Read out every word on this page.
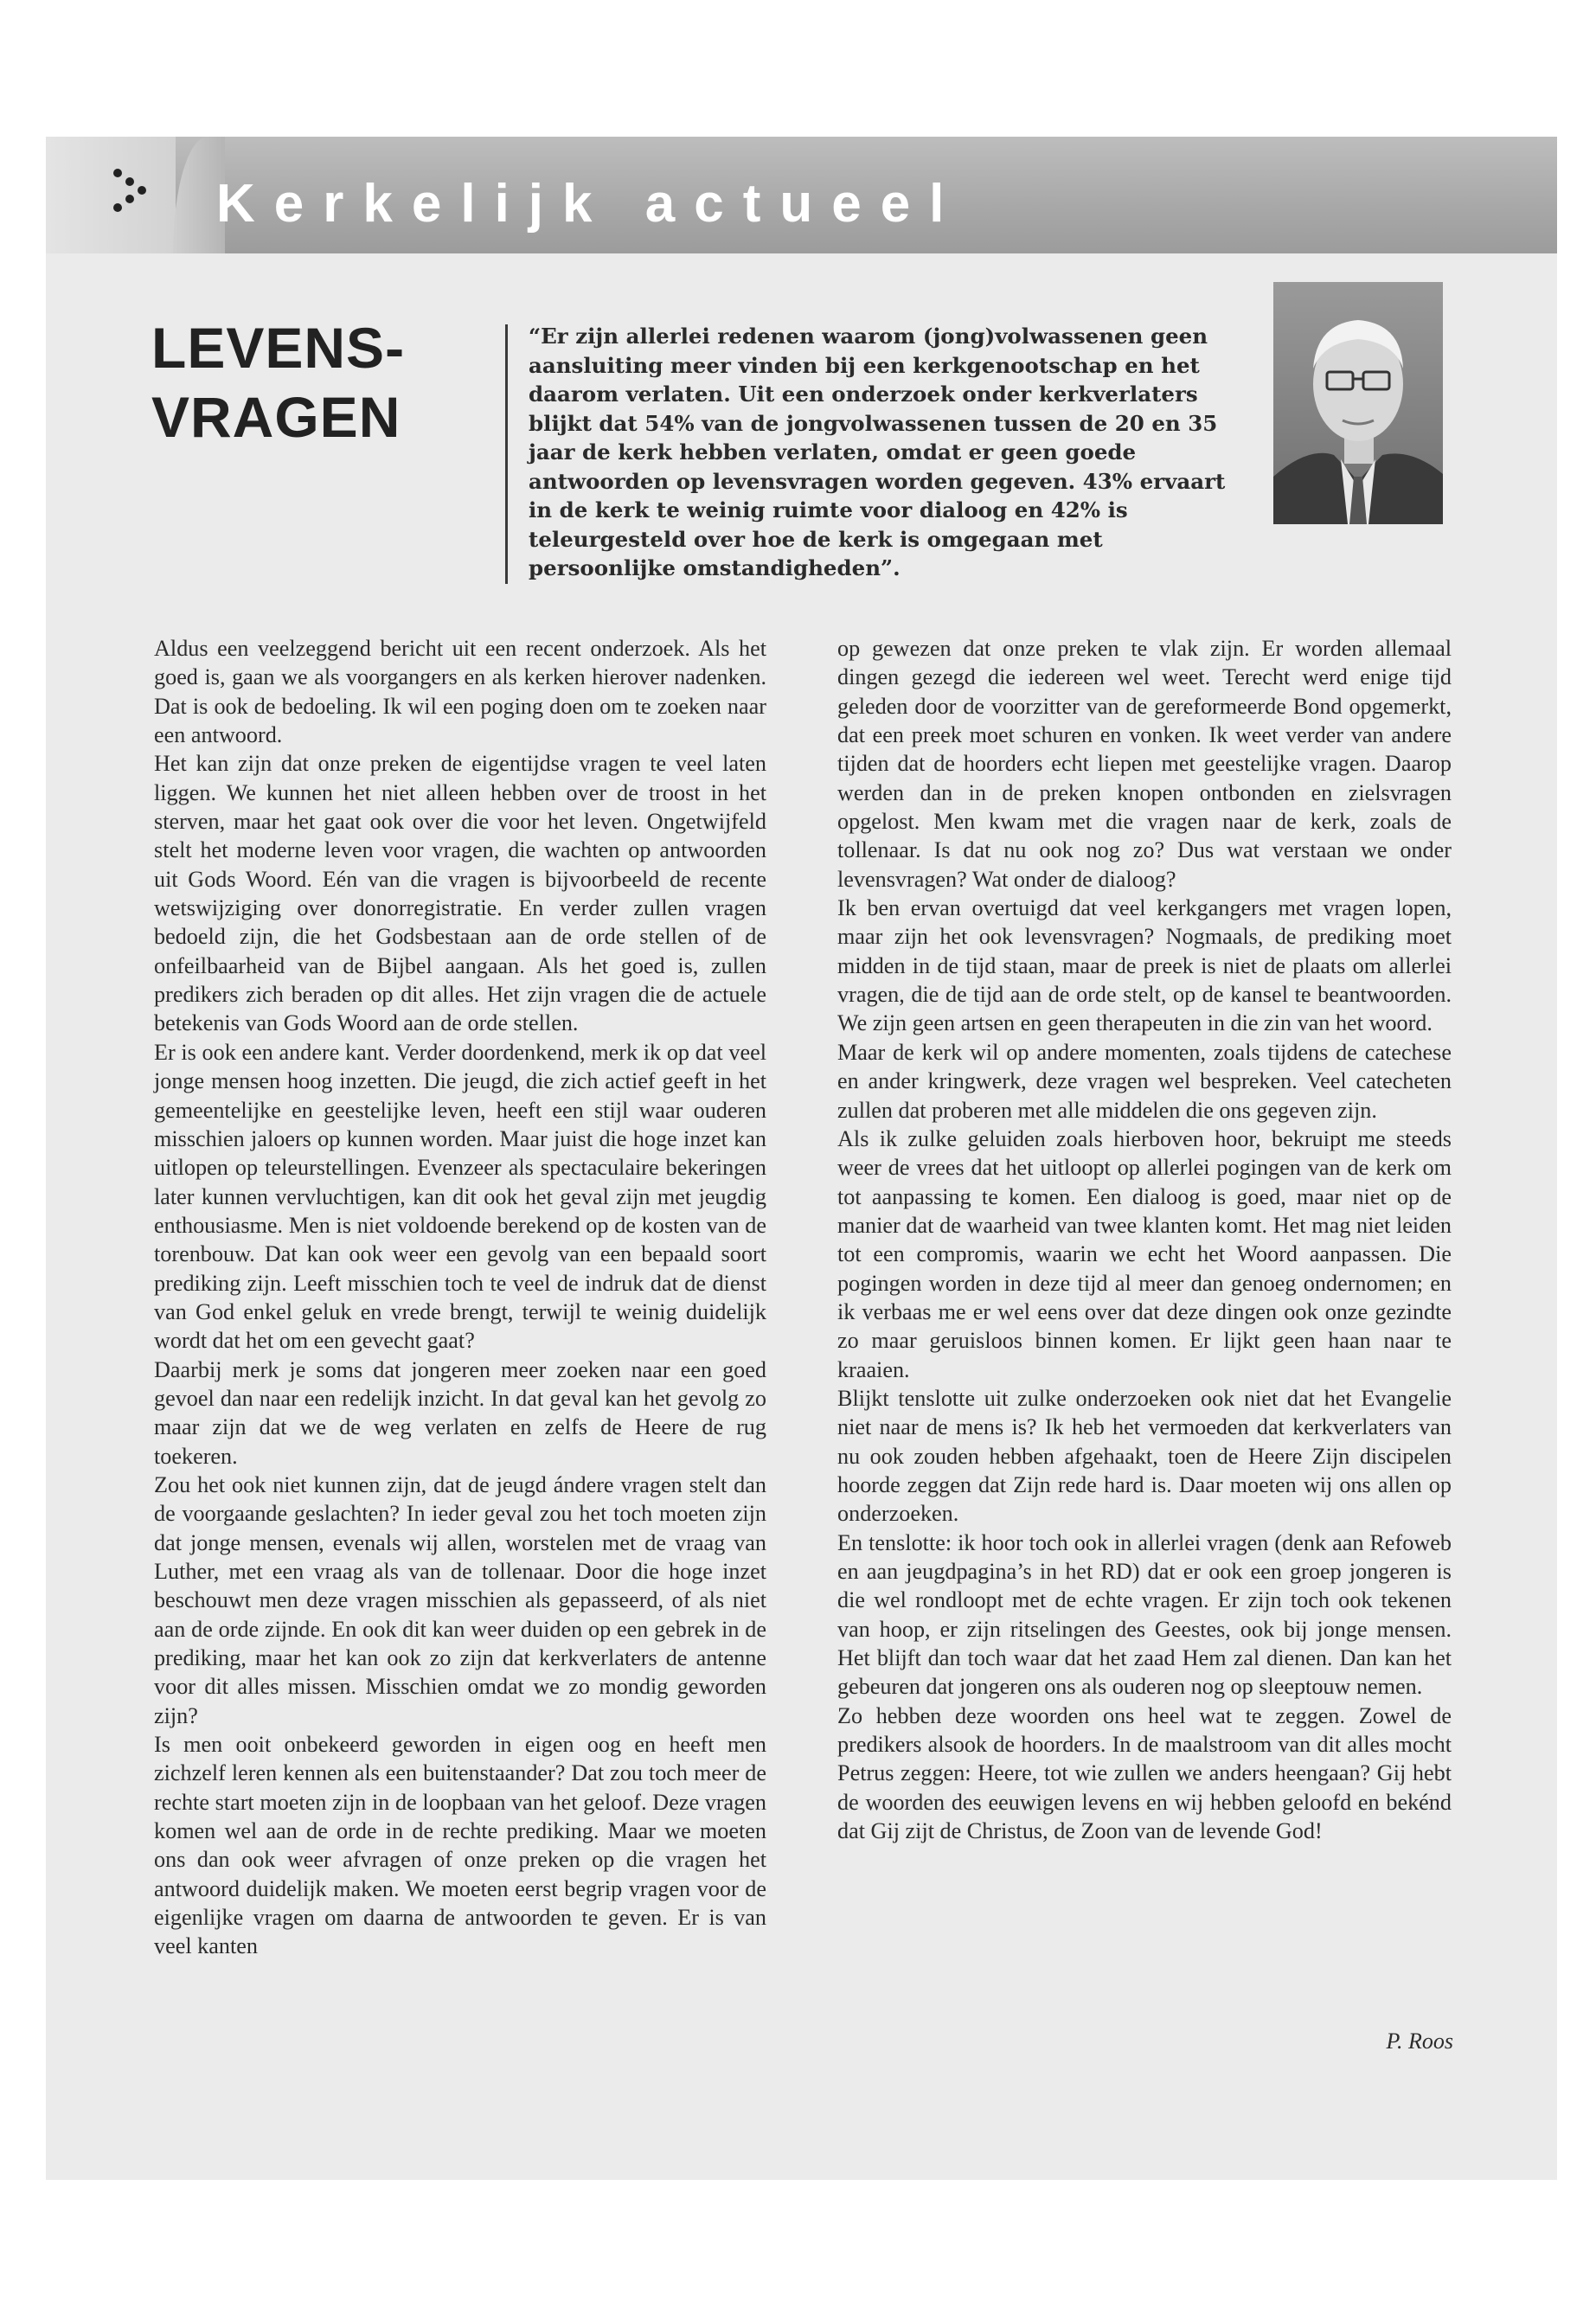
Kerkelijk actueel
LEVENS-
VRAGEN

“Er zijn allerlei redenen waarom (jong)volwassenen geen aansluiting meer vinden bij een kerkgenootschap en het daarom verlaten. Uit een onderzoek onder kerkverlaters blijkt dat 54% van de jongvolwassenen tussen de 20 en 35 jaar de kerk hebben verlaten, omdat er geen goede antwoorden op levensvragen worden gegeven. 43% ervaart in de kerk te weinig ruimte voor dialoog en 42% is teleurgesteld over hoe de kerk is omgegaan met persoonlijke omstandigheden”.

Aldus een veelzeggend bericht uit een recent onderzoek. Als het goed is, gaan we als voorgangers en als kerken hierover nadenken. Dat is ook de bedoeling. Ik wil een poging doen om te zoeken naar een antwoord.

Het kan zijn dat onze preken de eigentijdse vragen te veel laten liggen. We kunnen het niet alleen hebben over de troost in het sterven, maar het gaat ook over die voor het leven. Ongetwijfeld stelt het moderne leven voor vragen, die wachten op antwoorden uit Gods Woord. Eén van die vragen is bijvoorbeeld de recente wetswijziging over donorregistratie. En verder zullen vragen bedoeld zijn, die het Godsbestaan aan de orde stellen of de onfeilbaarheid van de Bijbel aangaan. Als het goed is, zullen predikers zich beraden op dit alles. Het zijn vragen die de actuele betekenis van Gods Woord aan de orde stellen.

Er is ook een andere kant. Verder doordenkend, merk ik op dat veel jonge mensen hoog inzetten. Die jeugd, die zich actief geeft in het gemeentelijke en geestelijke leven, heeft een stijl waar ouderen misschien jaloers op kunnen worden. Maar juist die hoge inzet kan uitlopen op teleurstellingen. Evenzeer als spectaculaire bekeringen later kunnen vervluchtigen, kan dit ook het geval zijn met jeugdig enthousiasme. Men is niet voldoende berekend op de kosten van de torenbouw. Dat kan ook weer een gevolg van een bepaald soort prediking zijn. Leeft misschien toch te veel de indruk dat de dienst van God enkel geluk en vrede brengt, terwijl te weinig duidelijk wordt dat het om een gevecht gaat?

Daarbij merk je soms dat jongeren meer zoeken naar een goed gevoel dan naar een redelijk inzicht. In dat geval kan het gevolg zo maar zijn dat we de weg verlaten en zelfs de Heere de rug toekeren.

Zou het ook niet kunnen zijn, dat de jeugd ándere vragen stelt dan de voorgaande geslachten? In ieder geval zou het toch moeten zijn dat jonge mensen, evenals wij allen, worstelen met de vraag van Luther, met een vraag als van de tollenaar. Door die hoge inzet beschouwt men deze vragen misschien als gepasseerd, of als niet aan de orde zijnde. En ook dit kan weer duiden op een gebrek in de prediking, maar het kan ook zo zijn dat kerkverlaters de antenne voor dit alles missen. Misschien omdat we zo mondig geworden zijn?

Is men ooit onbekeerd geworden in eigen oog en heeft men zichzelf leren kennen als een buitenstaander? Dat zou toch meer de rechte start moeten zijn in de loopbaan van het geloof. Deze vragen komen wel aan de orde in de rechte prediking. Maar we moeten ons dan ook weer afvragen of onze preken op die vragen het antwoord duidelijk maken. We moeten eerst begrip vragen voor de eigenlijke vragen om daarna de antwoorden te geven. Er is van veel kanten

op gewezen dat onze preken te vlak zijn. Er worden allemaal dingen gezegd die iedereen wel weet. Terecht werd enige tijd geleden door de voorzitter van de gereformeerde Bond opgemerkt, dat een preek moet schuren en vonken. Ik weet verder van andere tijden dat de hoorders echt liepen met geestelijke vragen. Daarop werden dan in de preken knopen ontbonden en zielsvragen opgelost. Men kwam met die vragen naar de kerk, zoals de tollenaar. Is dat nu ook nog zo? Dus wat verstaan we onder levensvragen? Wat onder de dialoog?

Ik ben ervan overtuigd dat veel kerkgangers met vragen lopen, maar zijn het ook levensvragen? Nogmaals, de prediking moet midden in de tijd staan, maar de preek is niet de plaats om allerlei vragen, die de tijd aan de orde stelt, op de kansel te beantwoorden. We zijn geen artsen en geen therapeuten in die zin van het woord.

Maar de kerk wil op andere momenten, zoals tijdens de catechese en ander kringwerk, deze vragen wel bespreken. Veel catecheten zullen dat proberen met alle middelen die ons gegeven zijn.

Als ik zulke geluiden zoals hierboven hoor, bekruipt me steeds weer de vrees dat het uitloopt op allerlei pogingen van de kerk om tot aanpassing te komen. Een dialoog is goed, maar niet op de manier dat de waarheid van twee klanten komt. Het mag niet leiden tot een compromis, waarin we echt het Woord aanpassen. Die pogingen worden in deze tijd al meer dan genoeg ondernomen; en ik verbaas me er wel eens over dat deze dingen ook onze gezindte zo maar geruisloos binnen komen. Er lijkt geen haan naar te kraaien.

Blijkt tenslotte uit zulke onderzoeken ook niet dat het Evangelie niet naar de mens is? Ik heb het vermoeden dat kerkverlaters van nu ook zouden hebben afgehaakt, toen de Heere Zijn discipelen hoorde zeggen dat Zijn rede hard is. Daar moeten wij ons allen op onderzoeken.

En tenslotte: ik hoor toch ook in allerlei vragen (denk aan Refoweb en aan jeugdpagina’s in het RD) dat er ook een groep jongeren is die wel rondloopt met de echte vragen. Er zijn toch ook tekenen van hoop, er zijn ritselingen des Geestes, ook bij jonge mensen. Het blijft dan toch waar dat het zaad Hem zal dienen. Dan kan het gebeuren dat jongeren ons als ouderen nog op sleeptouw nemen.

Zo hebben deze woorden ons heel wat te zeggen. Zowel de predikers alsook de hoorders. In de maalstroom van dit alles mocht Petrus zeggen: Heere, tot wie zullen we anders heengaan? Gij hebt de woorden des eeuwigen levens en wij hebben geloofd en bekénd dat Gij zijt de Christus, de Zoon van de levende God!

P. Roos
